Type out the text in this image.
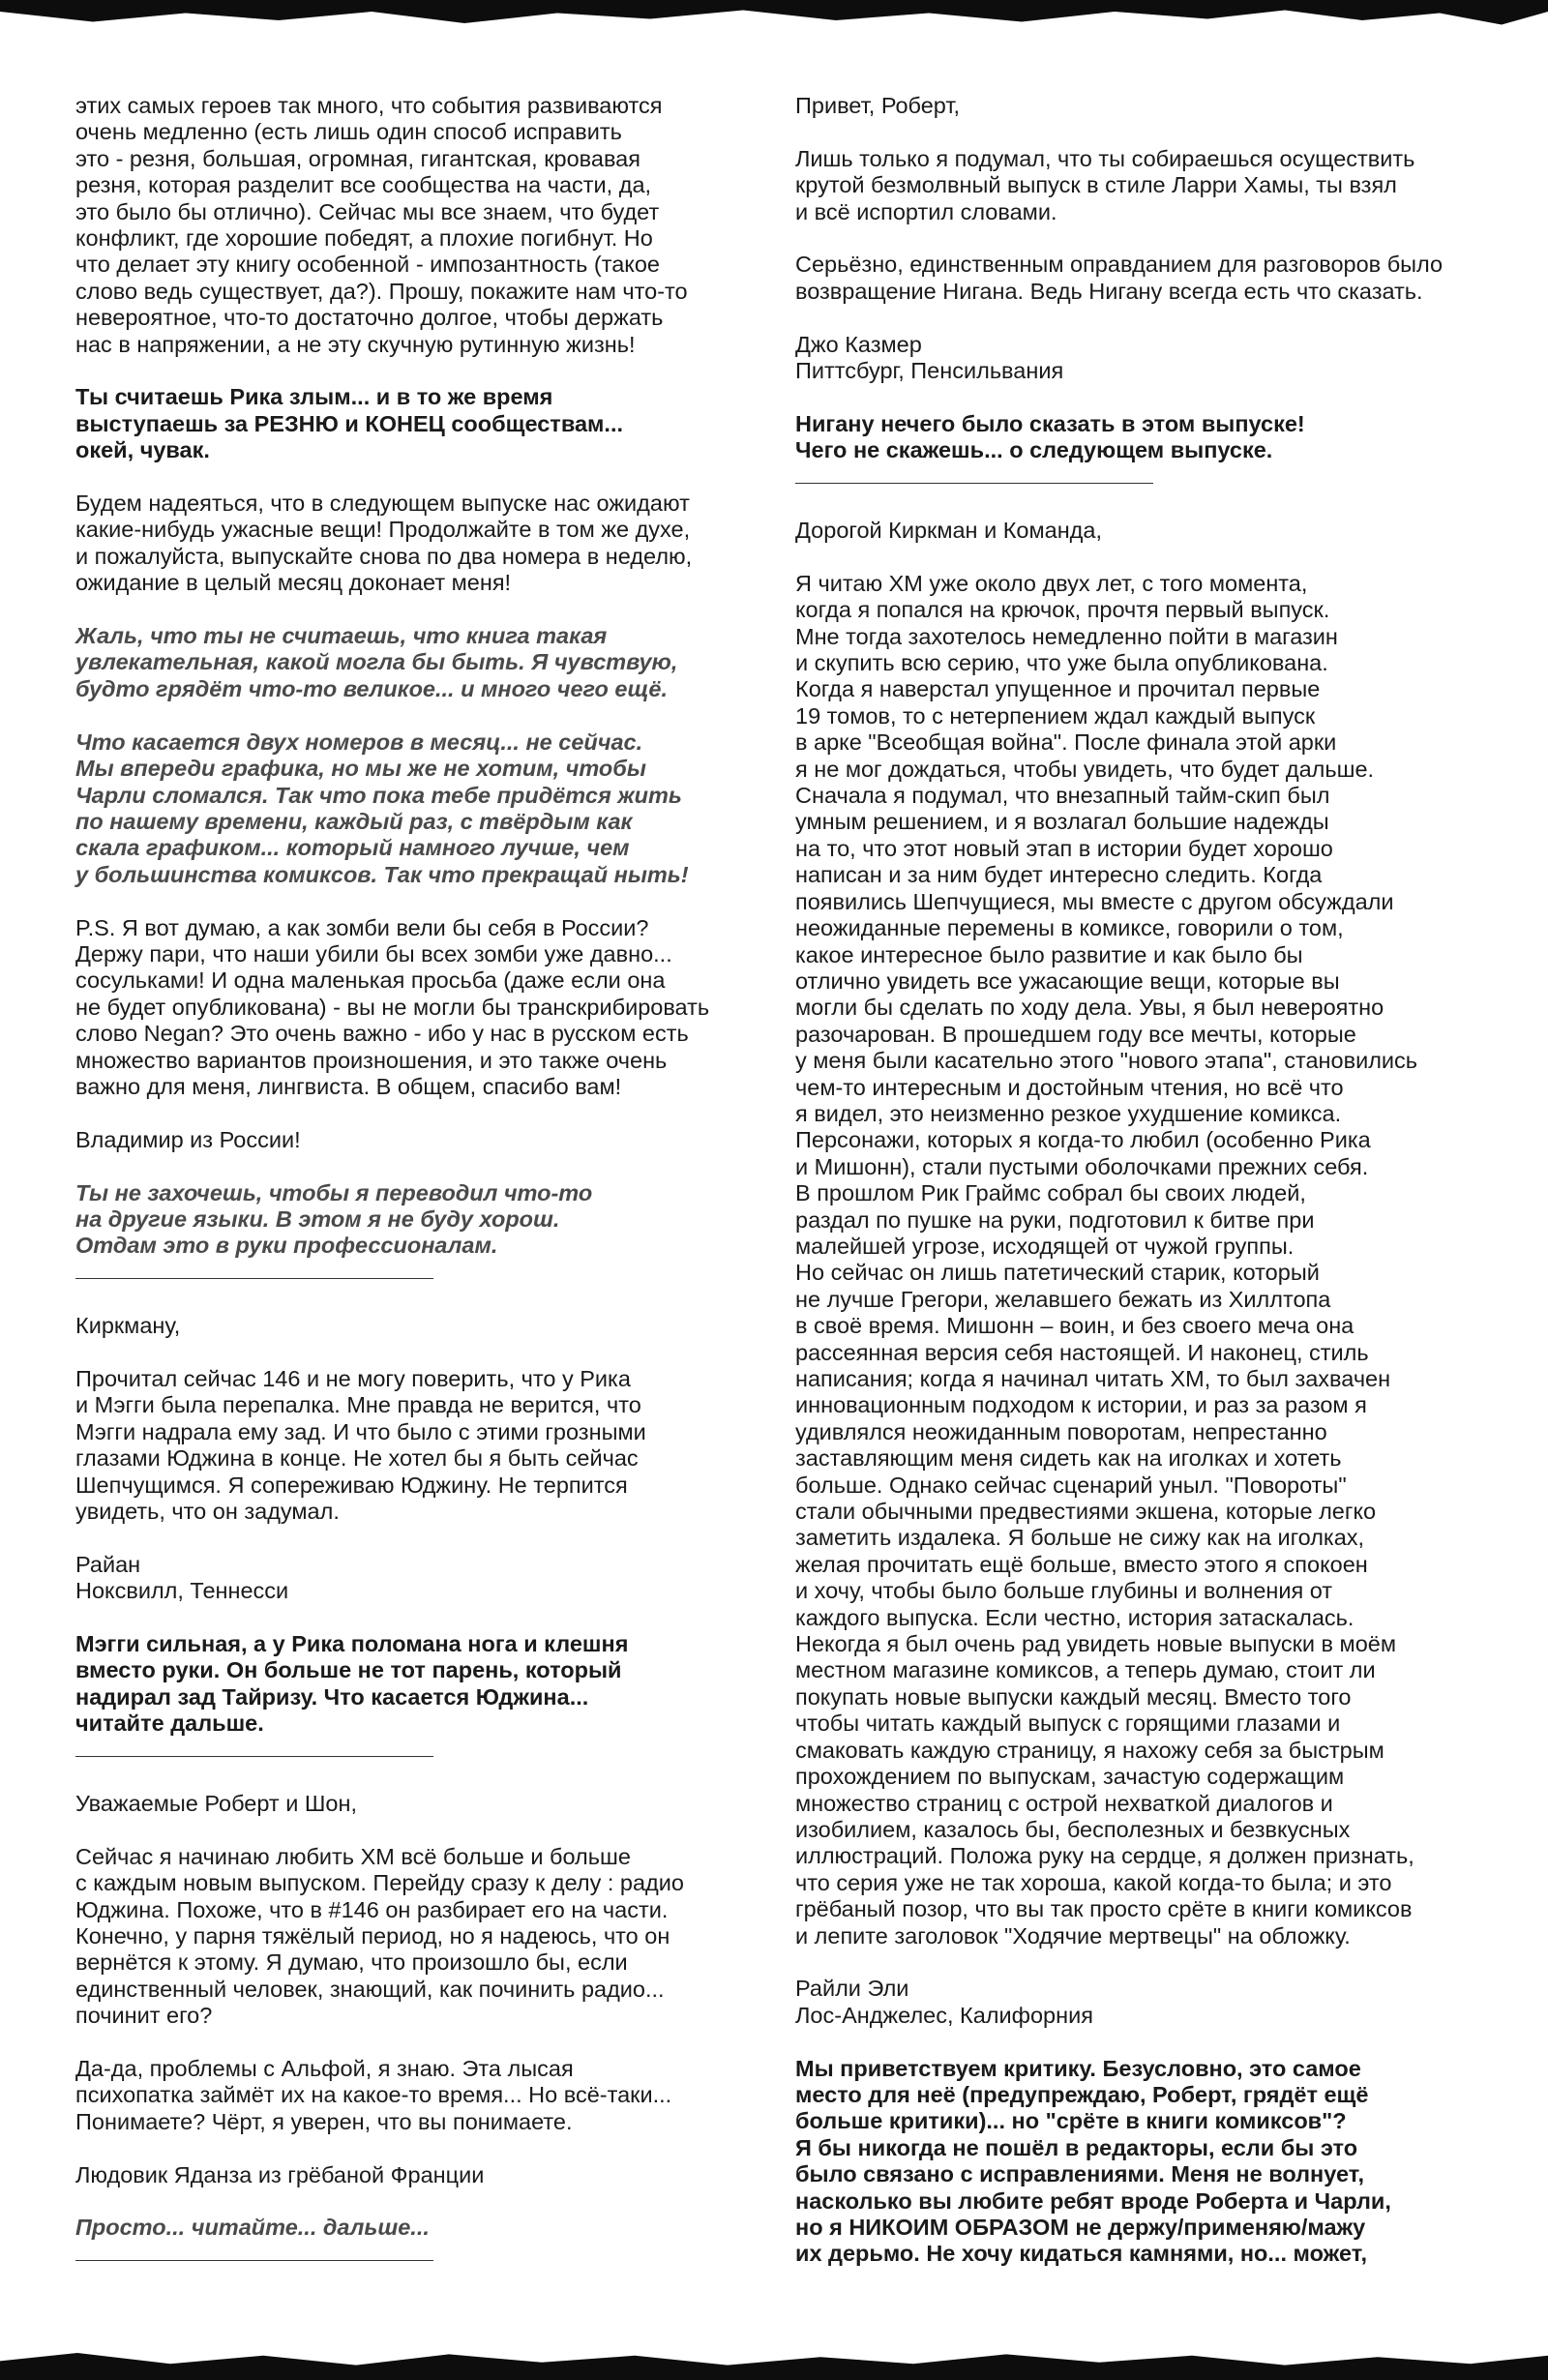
этих самых героев так много, что события развиваются
очень медленно (есть лишь один способ исправить
это - резня, большая, огромная, гигантская, кровавая
резня, которая разделит все сообщества на части, да,
это было бы отлично). Сейчас мы все знаем, что будет
конфликт, где хорошие победят, а плохие погибнут. Но
что делает эту книгу особенной - импозантность (такое
слово ведь существует, да?). Прошу, покажите нам что-то
невероятное, что-то достаточно долгое, чтобы держать
нас в напряжении, а не эту скучную рутинную жизнь!
Ты считаешь Рика злым... и в то же время
выступаешь за РЕЗНЮ и КОНЕЦ сообществам...
окей, чувак.
Будем надеяться, что в следующем выпуске нас ожидают
какие-нибудь ужасные вещи! Продолжайте в том же духе,
и пожалуйста, выпускайте снова по два номера в неделю,
ожидание в целый месяц доконает меня!
Жаль, что ты не считаешь, что книга такая
увлекательная, какой могла бы быть. Я чувствую,
будто грядёт что-то великое... и много чего ещё.
Что касается двух номеров в месяц... не сейчас.
Мы впереди графика, но мы же не хотим, чтобы
Чарли сломался. Так что пока тебе придётся жить
по нашему времени, каждый раз, с твёрдым как
скала графиком... который намного лучше, чем
у большинства комиксов. Так что прекращай ныть!
P.S. Я вот думаю, а как зомби вели бы себя в России?
Держу пари, что наши убили бы всех зомби уже давно...
сосульками! И одна маленькая просьба (даже если она
не будет опубликована) - вы не могли бы транскрибировать
слово Negan? Это очень важно - ибо у нас в русском есть
множество вариантов произношения, и это также очень
важно для меня, лингвиста. В общем, спасибо вам!
Владимир из России!
Ты не захочешь, чтобы я переводил что-то
на другие языки. В этом я не буду хорош.
Отдам это в руки профессионалам.
Киркману,
Прочитал сейчас 146 и не могу поверить, что у Рика
и Мэгги была перепалка. Мне правда не верится, что
Мэгги надрала ему зад. И что было с этими грозными
глазами Юджина в конце. Не хотел бы я быть сейчас
Шепчущимся. Я сопереживаю Юджину. Не терпится
увидеть, что он задумал.
Райан
Ноксвилл, Теннесси
Мэгги сильная, а у Рика поломана нога и клешня
вместо руки. Он больше не тот парень, который
надирал зад Тайризу. Что касается Юджина...
читайте дальше.
Уважаемые Роберт и Шон,
Сейчас я начинаю любить ХМ всё больше и больше
с каждым новым выпуском. Перейду сразу к делу : радио
Юджина. Похоже, что в #146 он разбирает его на части.
Конечно, у парня тяжёлый период, но я надеюсь, что он
вернётся к этому. Я думаю, что произошло бы, если
единственный человек, знающий, как починить радио...
починит его?
Да-да, проблемы с Альфой, я знаю. Эта лысая
психопатка займёт их на какое-то время... Но всё-таки...
Понимаете? Чёрт, я уверен, что вы понимаете.
Людовик Яданза из грёбаной Франции
Просто... читайте... дальше...
Привет, Роберт,
Лишь только я подумал, что ты собираешься осуществить
крутой безмолвный выпуск в стиле Ларри Хамы, ты взял
и всё испортил словами.
Серьёзно, единственным оправданием для разговоров было
возвращение Нигана. Ведь Нигану всегда есть что сказать.
Джо Казмер
Питтсбург, Пенсильвания
Нигану нечего было сказать в этом выпуске!
Чего не скажешь... о следующем выпуске.
Дорогой Киркман и Команда,
Я читаю ХМ уже около двух лет, с того момента,
когда я попался на крючок, прочтя первый выпуск.
Мне тогда захотелось немедленно пойти в магазин
и скупить всю серию, что уже была опубликована.
Когда я наверстал упущенное и прочитал первые
19 томов, то с нетерпением ждал каждый выпуск
в арке "Всеобщая война". После финала этой арки
я не мог дождаться, чтобы увидеть, что будет дальше.
Сначала я подумал, что внезапный тайм-скип был
умным решением, и я возлагал большие надежды
на то, что этот новый этап в истории будет хорошо
написан и за ним будет интересно следить. Когда
появились Шепчущиеся, мы вместе с другом обсуждали
неожиданные перемены в комиксе, говорили о том,
какое интересное было развитие и как было бы
отлично увидеть все ужасающие вещи, которые вы
могли бы сделать по ходу дела. Увы, я был невероятно
разочарован. В прошедшем году все мечты, которые
у меня были касательно этого "нового этапа", становились
чем-то интересным и достойным чтения, но всё что
я видел, это неизменно резкое ухудшение комикса.
Персонажи, которых я когда-то любил (особенно Рика
и Мишонн), стали пустыми оболочками прежних себя.
В прошлом Рик Граймс собрал бы своих людей,
раздал по пушке на руки, подготовил к битве при
малейшей угрозе, исходящей от чужой группы.
Но сейчас он лишь патетический старик, который
не лучше Грегори, желавшего бежать из Хиллтопа
в своё время. Мишонн – воин, и без своего меча она
рассеянная версия себя настоящей. И наконец, стиль
написания; когда я начинал читать ХМ, то был захвачен
инновационным подходом к истории, и раз за разом я
удивлялся неожиданным поворотам, непрестанно
заставляющим меня сидеть как на иголках и хотеть
больше. Однако сейчас сценарий уныл. "Повороты"
стали обычными предвестиями экшена, которые легко
заметить издалека. Я больше не сижу как на иголках,
желая прочитать ещё больше, вместо этого я спокоен
и хочу, чтобы было больше глубины и волнения от
каждого выпуска. Если честно, история затаскалась.
Некогда я был очень рад увидеть новые выпуски в моём
местном магазине комиксов, а теперь думаю, стоит ли
покупать новые выпуски каждый месяц. Вместо того
чтобы читать каждый выпуск с горящими глазами и
смаковать каждую страницу, я нахожу себя за быстрым
прохождением по выпускам, зачастую содержащим
множество страниц с острой нехваткой диалогов и
изобилием, казалось бы, бесполезных и безвкусных
иллюстраций. Положа руку на сердце, я должен признать,
что серия уже не так хороша, какой когда-то была; и это
грёбаный позор, что вы так просто срёте в книги комиксов
и лепите заголовок "Ходячие мертвецы" на обложку.
Райли Эли
Лос-Анджелес, Калифорния
Мы приветствуем критику. Безусловно, это самое
место для неё (предупреждаю, Роберт, грядёт ещё
больше критики)... но "срёте в книги комиксов"?
Я бы никогда не пошёл в редакторы, если бы это
было связано с исправлениями. Меня не волнует,
насколько вы любите ребят вроде Роберта и Чарли,
но я НИКОИМ ОБРАЗОМ не держу/применяю/мажу
их дерьмо. Не хочу кидаться камнями, но... может,
